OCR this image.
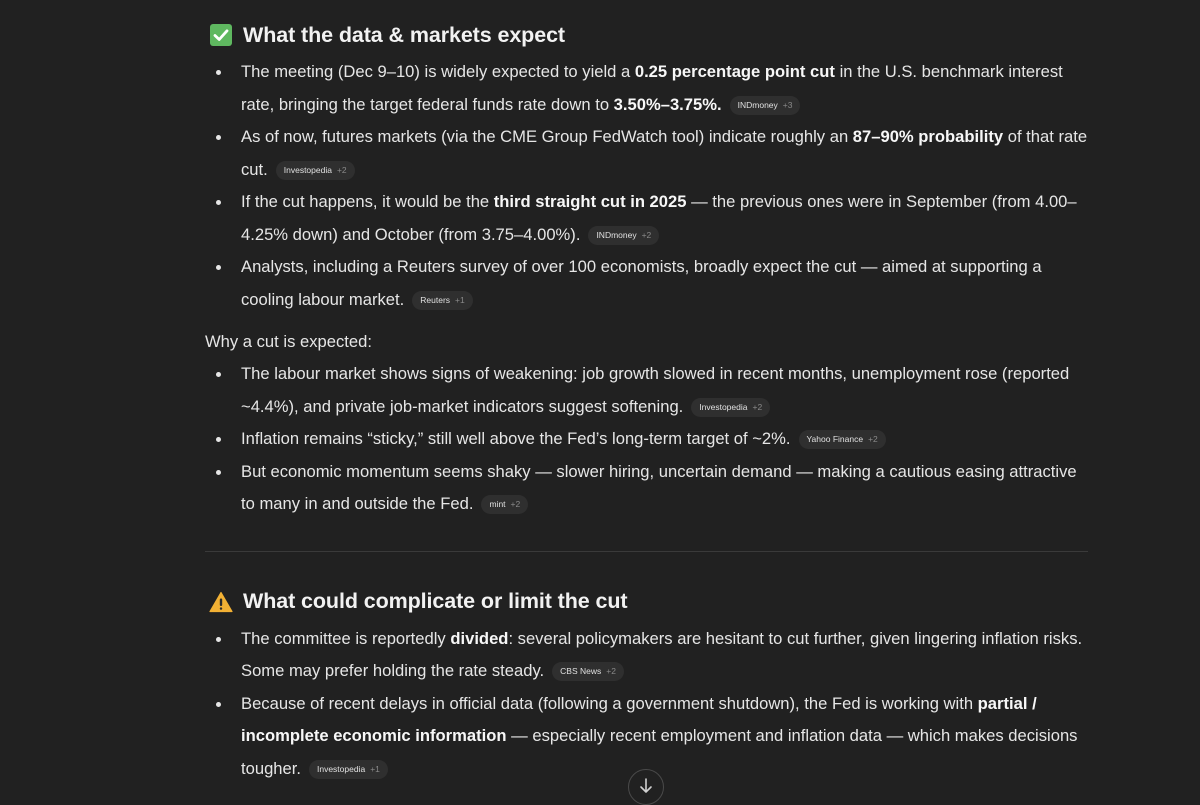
What the data & markets expect
The meeting (Dec 9–10) is widely expected to yield a 0.25 percentage point cut in the U.S. benchmark interest rate, bringing the target federal funds rate down to 3.50%–3.75%. INDmoney +3
As of now, futures markets (via the CME Group FedWatch tool) indicate roughly an 87–90% probability of that rate cut. Investopedia +2
If the cut happens, it would be the third straight cut in 2025 — the previous ones were in September (from 4.00–4.25% down) and October (from 3.75–4.00%). INDmoney +2
Analysts, including a Reuters survey of over 100 economists, broadly expect the cut — aimed at supporting a cooling labour market. Reuters +1

Why a cut is expected:

The labour market shows signs of weakening: job growth slowed in recent months, unemployment rose (reported ~4.4%), and private job-market indicators suggest softening. Investopedia +2
Inflation remains “sticky,” still well above the Fed’s long-term target of ~2%. Yahoo Finance +2
But economic momentum seems shaky — slower hiring, uncertain demand — making a cautious easing attractive to many in and outside the Fed. mint +2
What could complicate or limit the cut
The committee is reportedly divided: several policymakers are hesitant to cut further, given lingering inflation risks. Some may prefer holding the rate steady. CBS News +2
Because of recent delays in official data (following a government shutdown), the Fed is working with partial / incomplete economic information — especially recent employment and inflation data — which makes decisions tougher. Investopedia +1
